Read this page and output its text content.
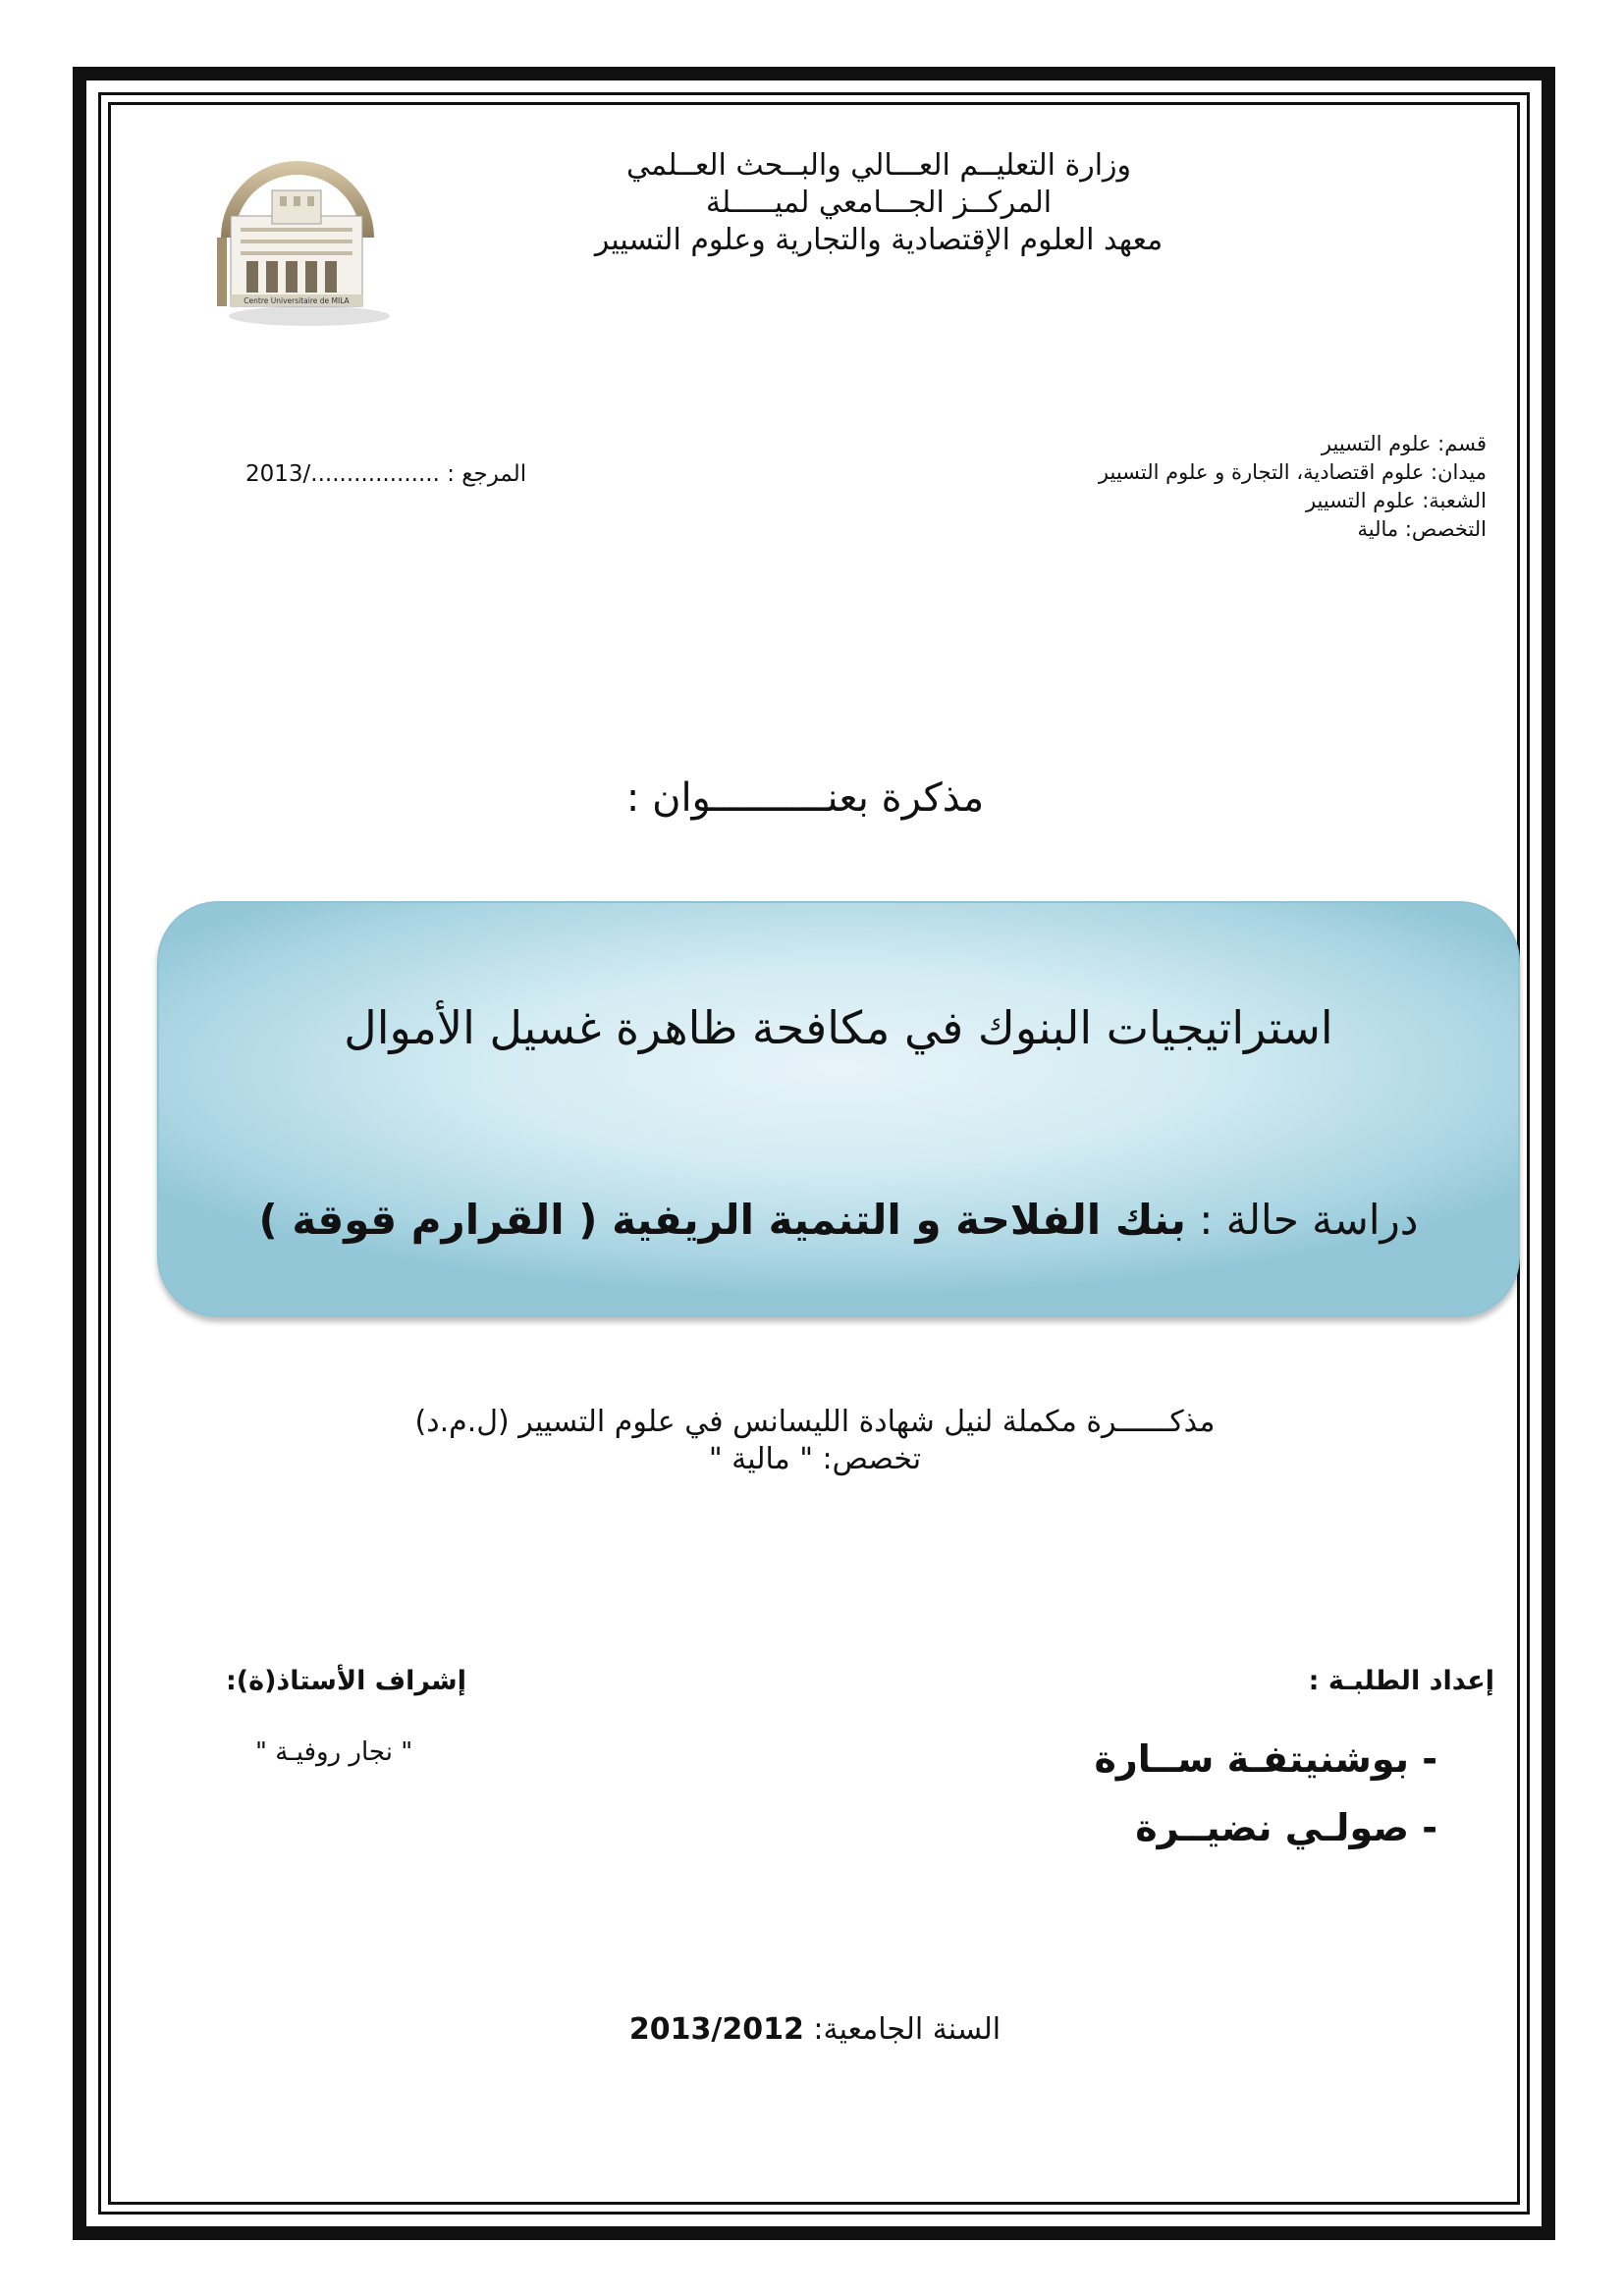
وزارة التعليــم العـــالي والبــحث العــلمي
المركــز الجـــامعي لميـــــلة
معهد العلوم الإقتصادية والتجارية وعلوم التسيير
Centre Universitaire de MILA
قسم: علوم التسيير
ميدان: علوم اقتصادية، التجارة و علوم التسيير
الشعبة: علوم التسيير
التخصص: مالية
المرجع : ................../2013
مذكرة بعنــــــــــوان :
استراتيجيات البنوك في مكافحة ظاهرة غسيل الأموال
دراسة حالة : بنك الفلاحة و التنمية الريفية ( القرارم قوقة )
مذكــــــرة مكملة لنيل شهادة الليسانس في علوم التسيير (ل.م.د)
تخصص: " مالية "
إعداد الطلبـة :
إشراف الأستاذ(ة):
- بوشنيتفـة ســارة
- صولـي نضيــرة
" نجار روفيـة "
السنة الجامعية: 2013/2012
